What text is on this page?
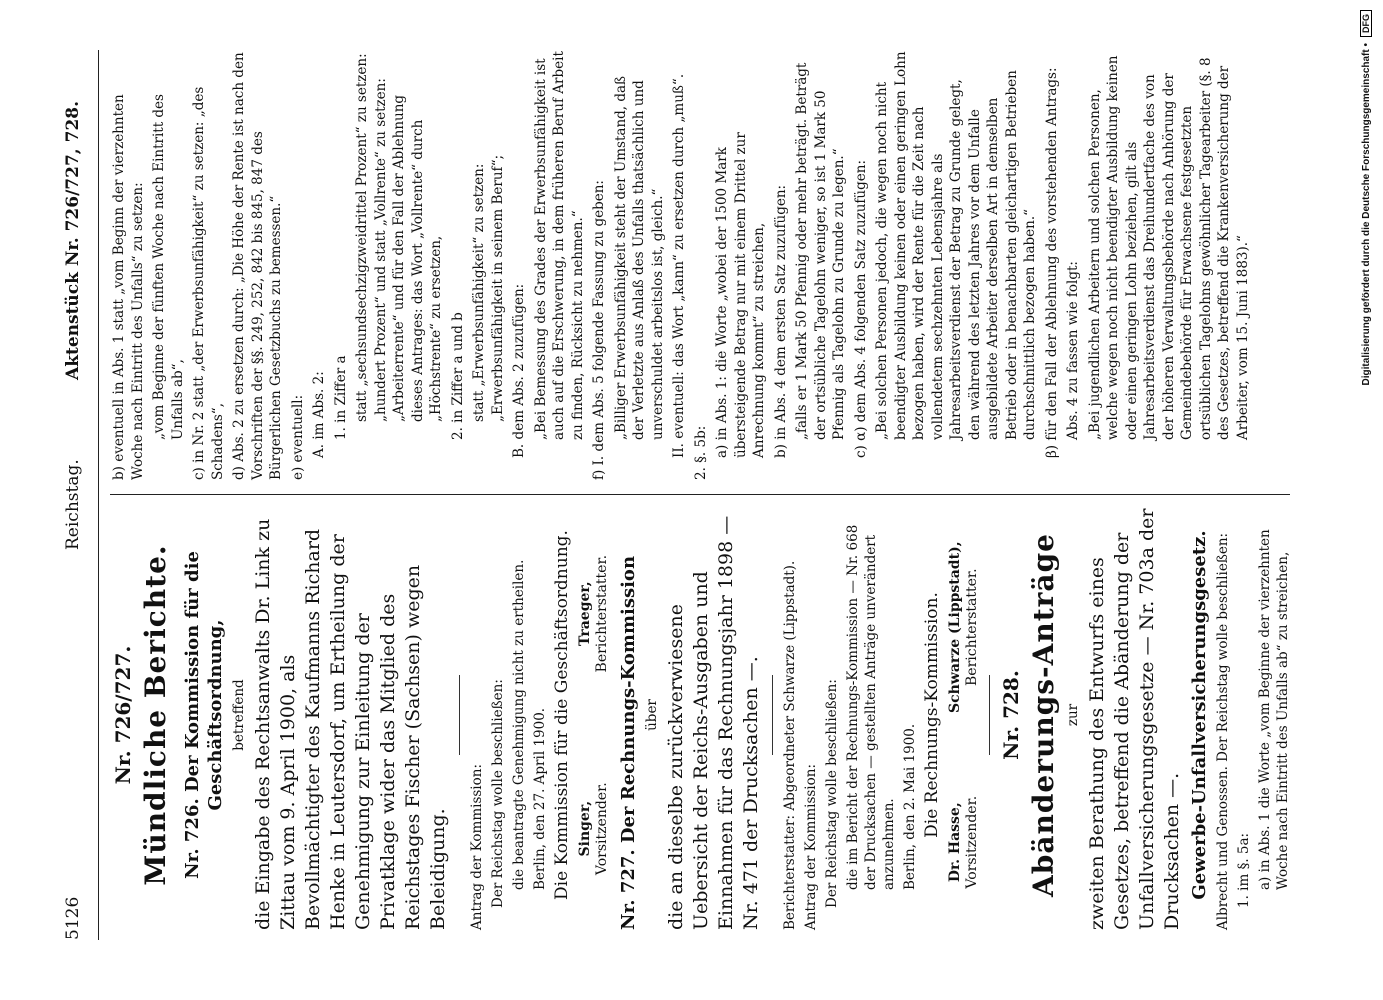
5126
Reichstag.
Aktenstück Nr. 726/727, 728.

Nr. 726/727. Mündliche Berichte. Nr. 726. Der Kommission für die Geschäftsordnung, betreffend die Eingabe des Rechtsanwalts Dr. Link zu Zittau vom 9. April 1900, als Bevollmächtigter des Kaufmanns Richard Henke in Leutersdorf, um Ertheilung der Genehmigung zur Einleitung der Privatklage wider das Mitglied des Reichstages Fischer (Sachsen) wegen Beleidigung. Antrag der Kommission: Der Reichstag wolle beschließen: die beantragte Genehmigung nicht zu ertheilen. Berlin, den 27. April 1900. Die Kommission für die Geschäftsordnung. Singer, Vorsitzender.
Traeger, Berichterstatter. Nr. 727. Der Rechnungs-Kommission über die an dieselbe zurückverwiesene Uebersicht der Reichs-Ausgaben und Einnahmen für das Rechnungsjahr 1898 — Nr. 471 der Drucksachen —. Berichterstatter: Abgeordneter Schwarze (Lippstadt). Antrag der Kommission: Der Reichstag wolle beschließen: die im Bericht der Rechnungs-Kommission — Nr. 668 der Drucksachen — gestellten Anträge unverändert anzunehmen. Berlin, den 2. Mai 1900. Die Rechnungs-Kommission.

Dr. Hasse, Vorsitzender.
Schwarze (Lippstadt), Berichterstatter.

Nr. 728. Abänderungs-Anträge zur zweiten Berathung des Entwurfs eines Gesetzes, betreffend die Abänderung der Unfallversicherungsgesetze — Nr. 703a der Drucksachen —. Gewerbe-Unfallversicherungsgesetz. Albrecht und Genossen. Der Reichstag wolle beschließen: 1. im §. 5a: a) in Abs. 1 die Worte „vom Beginne der vierzehnten Woche nach Eintritt des Unfalls ab“ zu streichen,

b) eventuell in Abs. 1 statt „vom Beginn der vierzehnten Woche nach Eintritt des Unfalls“ zu setzen: „vom Beginne der fünften Woche nach Eintritt des Unfalls ab“, c) in Nr. 2 statt „der Erwerbsunfähigkeit“ zu setzen: „des Schadens“, d) Abs. 2 zu ersetzen durch: „Die Höhe der Rente ist nach den Vorschriften der §§. 249, 252, 842 bis 845, 847 des Bürgerlichen Gesetzbuchs zu bemessen.“ e) eventuell: A. im Abs. 2: 1. in Ziffer a statt „sechsundsechzigzweidrittel Prozent“ zu setzen: „hundert Prozent“ und statt „Vollrente“ zu setzen: „Arbeiterrente“ und für den Fall der Ablehnung dieses Antrages: das Wort „Vollrente“ durch „Höchstrente“ zu ersetzen, 2. in Ziffer a und b statt „Erwerbsunfähigkeit“ zu setzen: „Erwerbsunfähigkeit in seinem Beruf“; B. dem Abs. 2 zuzufügen: „Bei Bemessung des Grades der Erwerbsunfähigkeit ist auch auf die Erschwerung, in dem früheren Beruf Arbeit zu finden, Rücksicht zu nehmen.“ f) I. dem Abs. 5 folgende Fassung zu geben: „Billiger Erwerbsunfähigkeit steht der Umstand, daß der Verletzte aus Anlaß des Unfalls thatsächlich und unverschuldet arbeitslos ist, gleich.“ II. eventuell: das Wort „kann“ zu ersetzen durch „muß“. 2. §. 5b: a) in Abs. 1: die Worte „wobei der 1500 Mark übersteigende Betrag nur mit einem Drittel zur Anrechnung kommt“ zu streichen, b) in Abs. 4 dem ersten Satz zuzufügen: „falls er 1 Mark 50 Pfennig oder mehr beträgt. Beträgt der ortsübliche Tagelohn weniger, so ist 1 Mark 50 Pfennig als Tagelohn zu Grunde zu legen.“ c) α) dem Abs. 4 folgenden Satz zuzufügen: „Bei solchen Personen jedoch, die wegen noch nicht beendigter Ausbildung keinen oder einen geringen Lohn bezogen haben, wird der Rente für die Zeit nach vollendetem sechzehnten Lebensjahre als Jahresarbeitsverdienst der Betrag zu Grunde gelegt, den während des letzten Jahres vor dem Unfalle ausgebildete Arbeiter derselben Art in demselben Betrieb oder in benachbarten gleichartigen Betrieben durchschnittlich bezogen haben.“ β) für den Fall der Ablehnung des vorstehenden Antrags: Abs. 4 zu fassen wie folgt: „Bei jugendlichen Arbeitern und solchen Personen, welche wegen noch nicht beendigter Ausbildung keinen oder einen geringen Lohn beziehen, gilt als Jahresarbeitsverdienst das Dreihundertfache des von der höheren Verwaltungsbehörde nach Anhörung der Gemeindebehörde für Erwachsene festgesetzten ortsüblichen Tagelohns gewöhnlicher Tagearbeiter (§. 8 des Gesetzes, betreffend die Krankenversicherung der Arbeiter, vom 15. Juni 1883).“	Digitalisierung gefördert durch die Deutsche Forschungsgemeinschaft •
DFG
